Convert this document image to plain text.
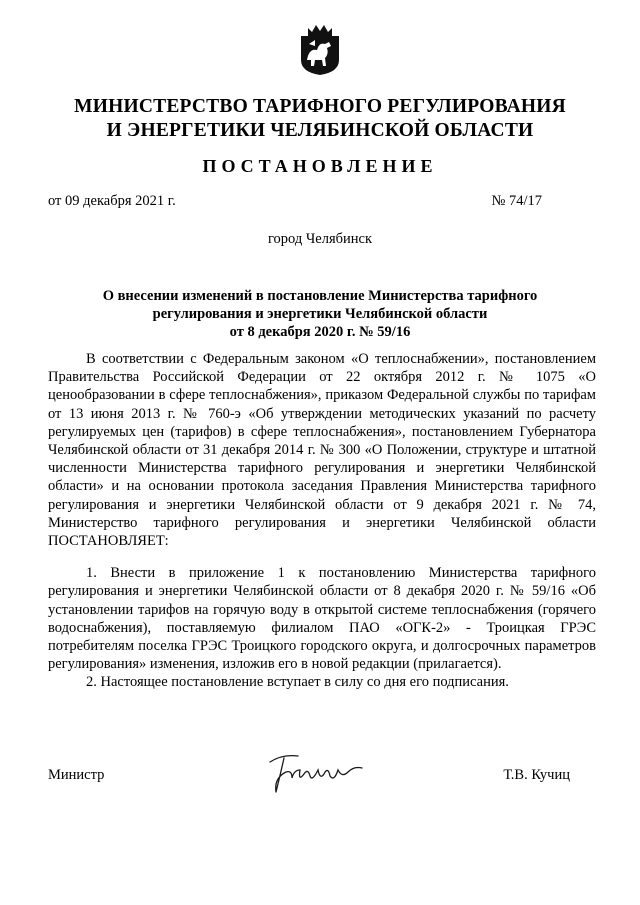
МИНИСТЕРСТВО ТАРИФНОГО РЕГУЛИРОВАНИЯ
И ЭНЕРГЕТИКИ ЧЕЛЯБИНСКОЙ ОБЛАСТИ
ПОСТАНОВЛЕНИЕ
от 09 декабря 2021 г.	№ 74/17
город Челябинск
О внесении изменений в постановление Министерства тарифного
регулирования и энергетики Челябинской области
от 8 декабря 2020 г. № 59/16

В соответствии с Федеральным законом «О теплоснабжении», постановлением Правительства Российской Федерации от 22 октября 2012 г. № 1075 «О ценообразовании в сфере теплоснабжения», приказом Федеральной службы по тарифам от 13 июня 2013 г. № 760-э «Об утверждении методических указаний по расчету регулируемых цен (тарифов) в сфере теплоснабжения», постановлением Губернатора Челябинской области от 31 декабря 2014 г. № 300 «О Положении, структуре и штатной численности Министерства тарифного регулирования и энергетики Челябинской области» и на основании протокола заседания Правления Министерства тарифного регулирования и энергетики Челябинской области от 9 декабря 2021 г. № 74, Министерство тарифного регулирования и энергетики Челябинской области ПОСТАНОВЛЯЕТ:

1. Внести в приложение 1 к постановлению Министерства тарифного регулирования и энергетики Челябинской области от 8 декабря 2020 г. № 59/16 «Об установлении тарифов на горячую воду в открытой системе теплоснабжения (горячего водоснабжения), поставляемую филиалом ПАО «ОГК-2» - Троицкая ГРЭС потребителям поселка ГРЭС Троицкого городского округа, и долгосрочных параметров регулирования» изменения, изложив его в новой редакции (прилагается).

2. Настоящее постановление вступает в силу со дня его подписания.

Министр	Т.В. Кучиц
